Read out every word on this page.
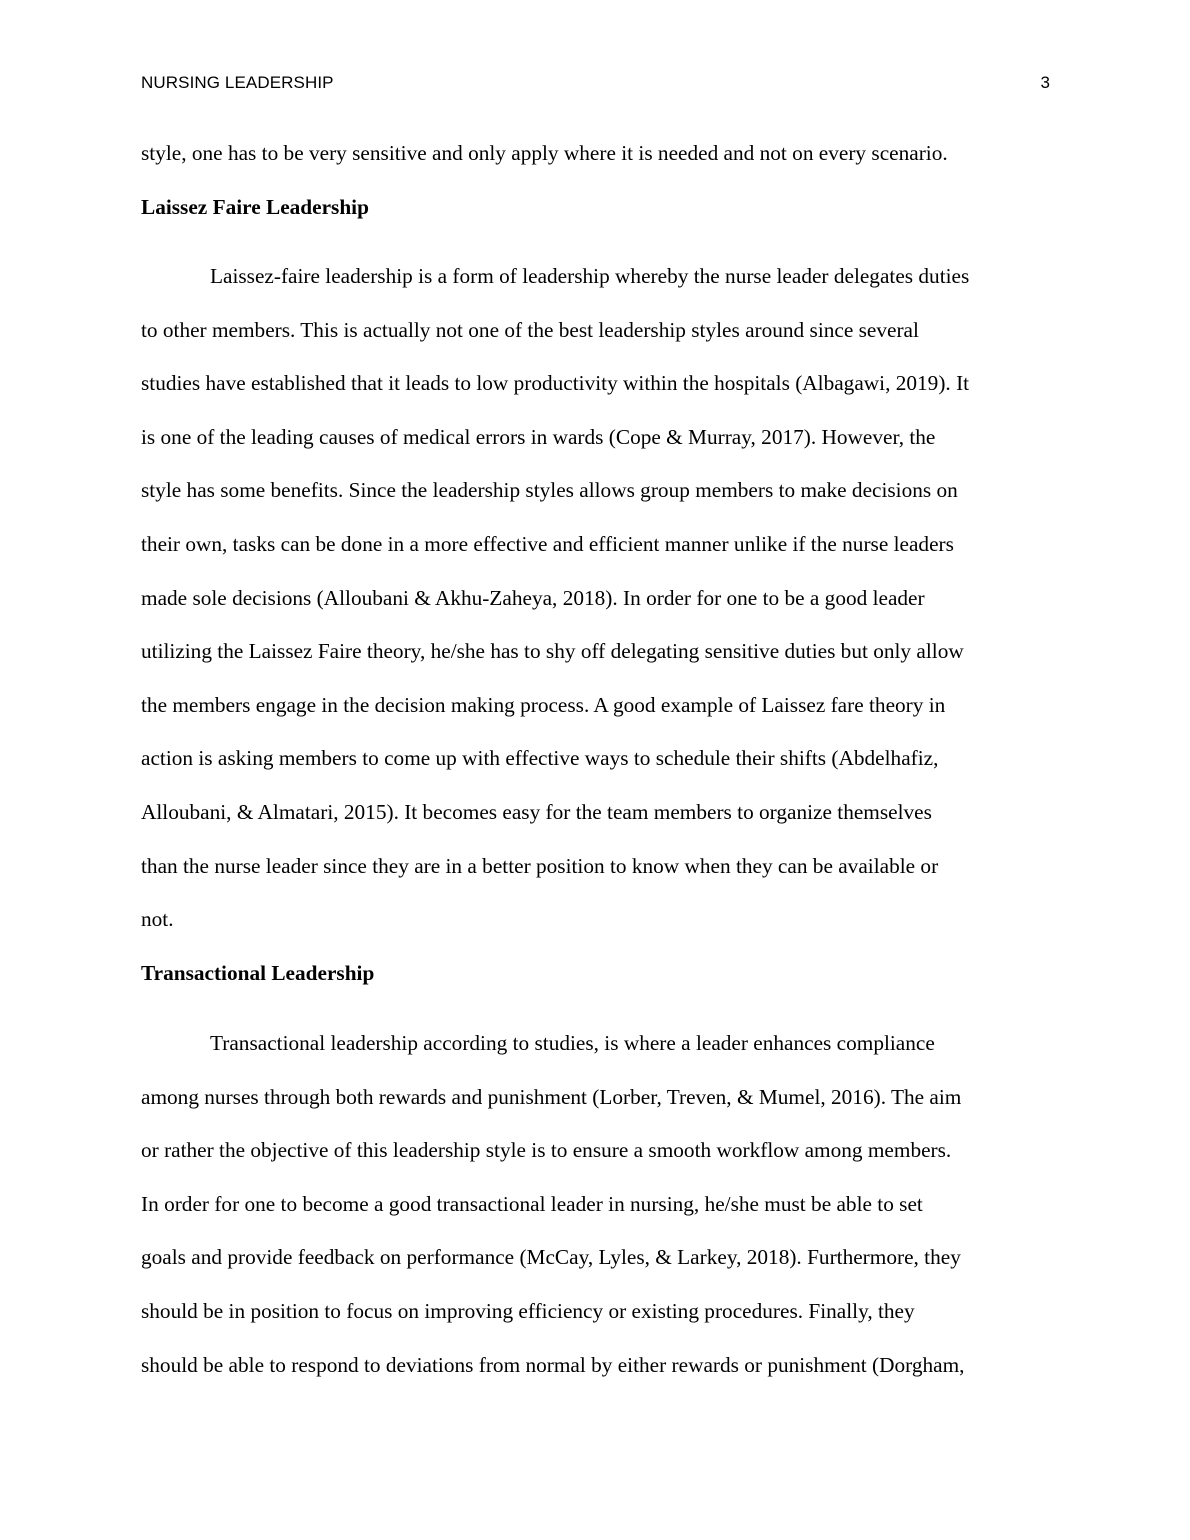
NURSING LEADERSHIP	3
style, one has to be very sensitive and only apply where it is needed and not on every scenario.
Laissez Faire Leadership
Laissez-faire leadership is a form of leadership whereby the nurse leader delegates duties
to other members. This is actually not one of the best leadership styles around since several
studies have established that it leads to low productivity within the hospitals (Albagawi, 2019). It
is one of the leading causes of medical errors in wards (Cope & Murray, 2017). However, the
style has some benefits. Since the leadership styles allows group members to make decisions on
their own, tasks can be done in a more effective and efficient manner unlike if the nurse leaders
made sole decisions (Alloubani & Akhu-Zaheya, 2018). In order for one to be a good leader
utilizing the Laissez Faire theory, he/she has to shy off delegating sensitive duties but only allow
the members engage in the decision making process. A good example of Laissez fare theory in
action is asking members to come up with effective ways to schedule their shifts (Abdelhafiz,
Alloubani, & Almatari, 2015). It becomes easy for the team members to organize themselves
than the nurse leader since they are in a better position to know when they can be available or
not.
Transactional Leadership
Transactional leadership according to studies, is where a leader enhances compliance
among nurses through both rewards and punishment (Lorber, Treven, & Mumel, 2016). The aim
or rather the objective of this leadership style is to ensure a smooth workflow among members.
In order for one to become a good transactional leader in nursing, he/she must be able to set
goals and provide feedback on performance (McCay, Lyles, & Larkey, 2018). Furthermore, they
should be in position to focus on improving efficiency or existing procedures. Finally, they
should be able to respond to deviations from normal by either rewards or punishment (Dorgham,
